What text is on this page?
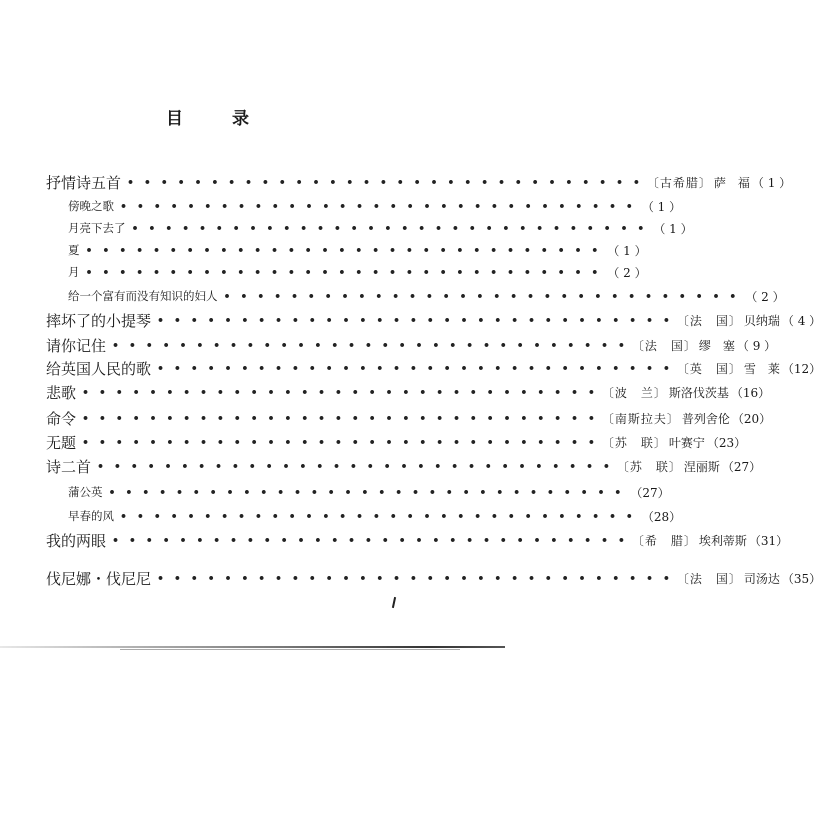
目	录
抒情诗五首 • • • • • • • • • • • • • • • • • • • • • • • • • • • • • • • 〔古希腊〕 萨　福 （ 1 ）
傍晚之歌 • • • • • • • • • • • • • • • • • • • • • • • • • • • • • • • （ 1 ）
月亮下去了 • • • • • • • • • • • • • • • • • • • • • • • • • • • • • • • （ 1 ）
夏 • • • • • • • • • • • • • • • • • • • • • • • • • • • • • • • （ 1 ）
月 • • • • • • • • • • • • • • • • • • • • • • • • • • • • • • • （ 2 ）
给一个富有而没有知识的妇人 • • • • • • • • • • • • • • • • • • • • • • • • • • • • • • • （ 2 ）
摔坏了的小提琴 • • • • • • • • • • • • • • • • • • • • • • • • • • • • • • • 〔法　国〕 贝纳瑞 （ 4 ）
请你记住 • • • • • • • • • • • • • • • • • • • • • • • • • • • • • • • 〔法　国〕 缪　塞 （ 9 ）
给英国人民的歌 • • • • • • • • • • • • • • • • • • • • • • • • • • • • • • • 〔英　国〕 雪　莱 （12）
悲歌 • • • • • • • • • • • • • • • • • • • • • • • • • • • • • • • 〔波　兰〕 斯洛伐茨基 （16）
命令 • • • • • • • • • • • • • • • • • • • • • • • • • • • • • • • 〔南斯拉夫〕 普列舍伦 （20）
无题 • • • • • • • • • • • • • • • • • • • • • • • • • • • • • • • 〔苏　联〕 叶赛宁 （23）
诗二首 • • • • • • • • • • • • • • • • • • • • • • • • • • • • • • • 〔苏　联〕 涅丽斯 （27）
蒲公英 • • • • • • • • • • • • • • • • • • • • • • • • • • • • • • • （27）
早春的风 • • • • • • • • • • • • • • • • • • • • • • • • • • • • • • • （28）
我的两眼 • • • • • • • • • • • • • • • • • • • • • • • • • • • • • • • 〔希　腊〕 埃利蒂斯 （31）
伐尼娜・伐尼尼 • • • • • • • • • • • • • • • • • • • • • • • • • • • • • • • 〔法　国〕 司汤达 （35）
